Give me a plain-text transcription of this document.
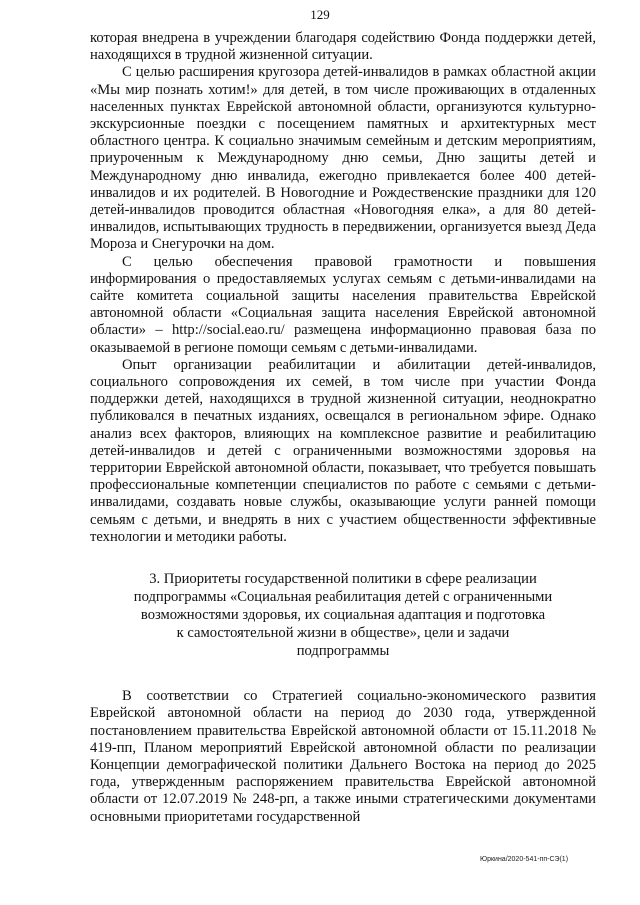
129

которая внедрена в учреждении благодаря содействию Фонда поддержки детей, находящихся в трудной жизненной ситуации.

С целью расширения кругозора детей-инвалидов в рамках областной акции «Мы мир познать хотим!» для детей, в том числе проживающих в отдаленных населенных пунктах Еврейской автономной области, организуются культурно-экскурсионные поездки с посещением памятных и архитектурных мест областного центра. К социально значимым семейным и детским мероприятиям, приуроченным к Международному дню семьи, Дню защиты детей и Международному дню инвалида, ежегодно привлекается более 400 детей-инвалидов и их родителей. В Новогодние и Рождественские праздники для 120 детей-инвалидов проводится областная «Новогодняя елка», а для 80 детей-инвалидов, испытывающих трудность в передвижении, организуется выезд Деда Мороза и Снегурочки на дом.

С целью обеспечения правовой грамотности и повышения информирования о предоставляемых услугах семьям с детьми-инвалидами на сайте комитета социальной защиты населения правительства Еврейской автономной области «Социальная защита населения Еврейской автономной области» – http://social.eao.ru/ размещена информационно правовая база по оказываемой в регионе помощи семьям с детьми-инвалидами.

Опыт организации реабилитации и абилитации детей-инвалидов, социального сопровождения их семей, в том числе при участии Фонда поддержки детей, находящихся в трудной жизненной ситуации, неоднократно публиковался в печатных изданиях, освещался в региональном эфире. Однако анализ всех факторов, влияющих на комплексное развитие и реабилитацию детей-инвалидов и детей с ограниченными возможностями здоровья на территории Еврейской автономной области, показывает, что требуется повышать профессиональные компетенции специалистов по работе с семьями с детьми-инвалидами, создавать новые службы, оказывающие услуги ранней помощи семьям с детьми, и внедрять в них с участием общественности эффективные технологии и методики работы.

3. Приоритеты государственной политики в сфере реализации
подпрограммы «Социальная реабилитация детей с ограниченными
возможностями здоровья, их социальная адаптация и подготовка
к самостоятельной жизни в обществе», цели и задачи
подпрограммы

В соответствии со Стратегией социально-экономического развития Еврейской автономной области на период до 2030 года, утвержденной постановлением правительства Еврейской автономной области от 15.11.2018 № 419-пп, Планом мероприятий Еврейской автономной области по реализации Концепции демографической политики Дальнего Востока на период до 2025 года, утвержденным распоряжением правительства Еврейской автономной области от 12.07.2019 № 248-рп, а также иными стратегическими документами основными приоритетами государственной

Юркина/2020-541-пп-СЭ(1)
